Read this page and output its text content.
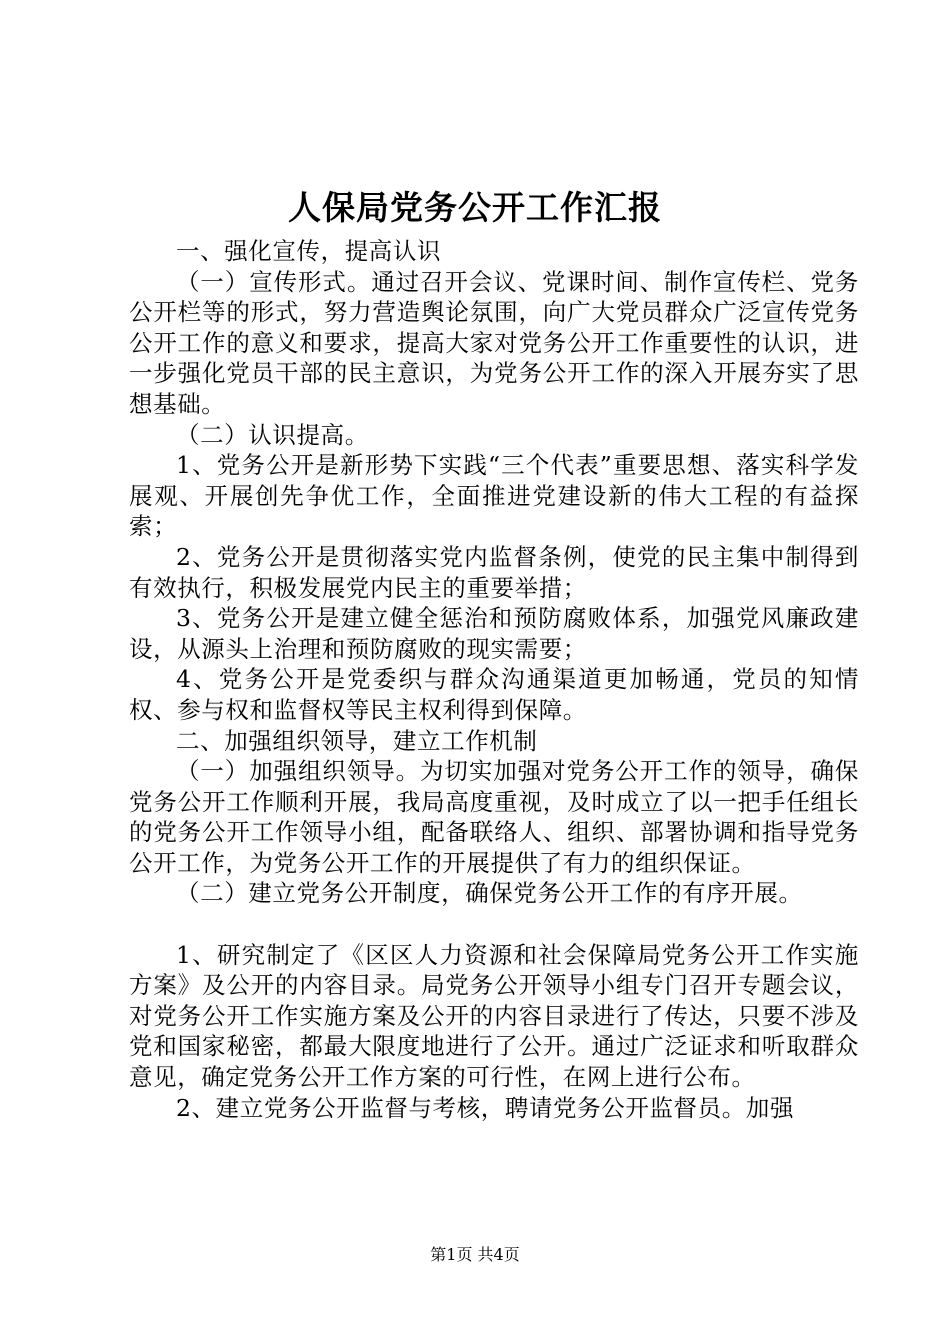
人保局党务公开工作汇报

一、强化宣传，提高认识

（一）宣传形式。通过召开会议、党课时间、制作宣传栏、党务公开栏等的形式，努力营造舆论氛围，向广大党员群众广泛宣传党务公开工作的意义和要求，提高大家对党务公开工作重要性的认识，进一步强化党员干部的民主意识，为党务公开工作的深入开展夯实了思想基础。

（二）认识提高。

1、党务公开是新形势下实践“三个代表”重要思想、落实科学发展观、开展创先争优工作，全面推进党建设新的伟大工程的有益探索；

2、党务公开是贯彻落实党内监督条例，使党的民主集中制得到有效执行，积极发展党内民主的重要举措；

3、党务公开是建立健全惩治和预防腐败体系，加强党风廉政建设，从源头上治理和预防腐败的现实需要；

4、党务公开是党委织与群众沟通渠道更加畅通，党员的知情权、参与权和监督权等民主权利得到保障。

二、加强组织领导，建立工作机制

（一）加强组织领导。为切实加强对党务公开工作的领导，确保党务公开工作顺利开展，我局高度重视，及时成立了以一把手任组长的党务公开工作领导小组，配备联络人、组织、部署协调和指导党务公开工作，为党务公开工作的开展提供了有力的组织保证。

（二）建立党务公开制度，确保党务公开工作的有序开展。

1、研究制定了《区区人力资源和社会保障局党务公开工作实施方案》及公开的内容目录。局党务公开领导小组专门召开专题会议，对党务公开工作实施方案及公开的内容目录进行了传达，只要不涉及党和国家秘密，都最大限度地进行了公开。通过广泛证求和听取群众意见，确定党务公开工作方案的可行性，在网上进行公布。

2、建立党务公开监督与考核，聘请党务公开监督员。加强

第1页 共4页
